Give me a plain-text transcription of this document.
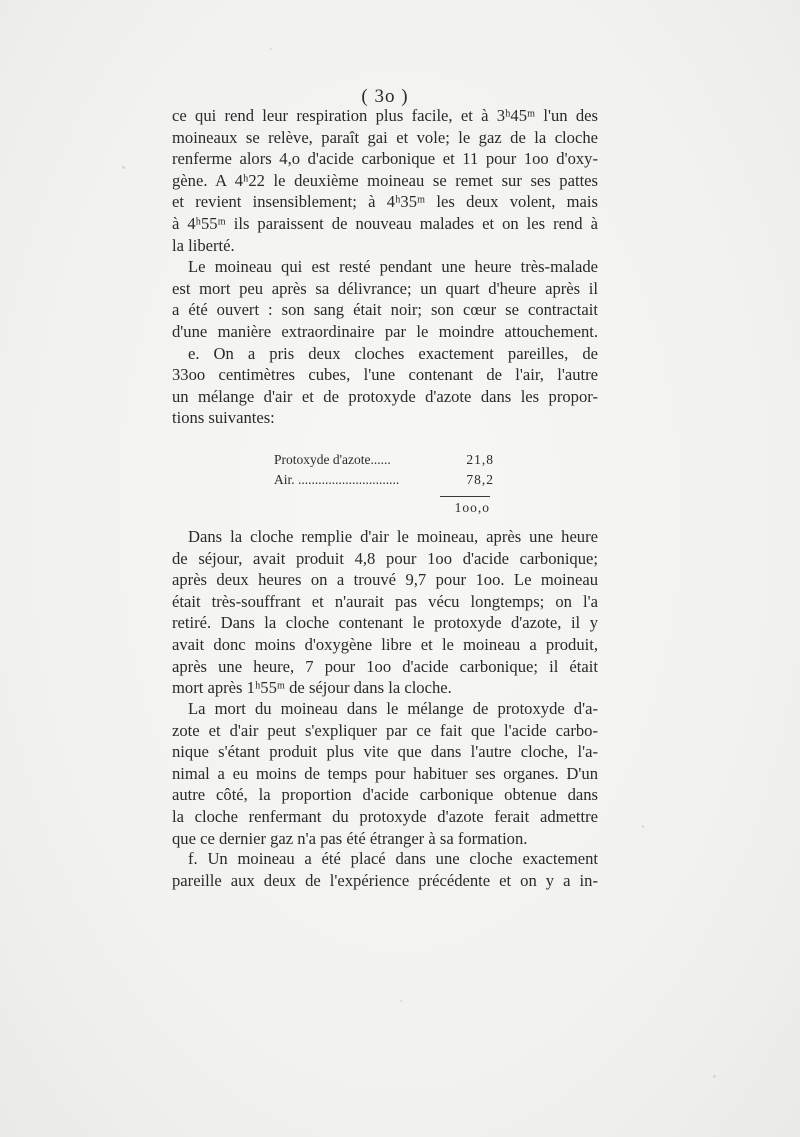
( 3o )
ce qui rend leur respiration plus facile, et à 3ʰ45ᵐ l'un des
moineaux se relève, paraît gai et vole; le gaz de la cloche
renferme alors 4,o d'acide carbonique et 11 pour 1oo d'oxy-
gène. A 4ʰ22 le deuxième moineau se remet sur ses pattes
et revient insensiblement; à 4ʰ35ᵐ les deux volent, mais
à 4ʰ55ᵐ ils paraissent de nouveau malades et on les rend à
la liberté.
Le moineau qui est resté pendant une heure très-malade
est mort peu après sa délivrance; un quart d'heure après il
a été ouvert : son sang était noir; son cœur se contractait
d'une manière extraordinaire par le moindre attouchement.
e. On a pris deux cloches exactement pareilles, de
33oo centimètres cubes, l'une contenant de l'air, l'autre
un mélange d'air et de protoxyde d'azote dans les propor-
tions suivantes:
Protoxyde d'azote......	21,8
Air. ..............................	78,2
1oo,o
Dans la cloche remplie d'air le moineau, après une heure
de séjour, avait produit 4,8 pour 1oo d'acide carbonique;
après deux heures on a trouvé 9,7 pour 1oo. Le moineau
était très-souffrant et n'aurait pas vécu longtemps; on l'a
retiré. Dans la cloche contenant le protoxyde d'azote, il y
avait donc moins d'oxygène libre et le moineau a produit,
après une heure, 7 pour 1oo d'acide carbonique; il était
mort après 1ʰ55ᵐ de séjour dans la cloche.
La mort du moineau dans le mélange de protoxyde d'a-
zote et d'air peut s'expliquer par ce fait que l'acide carbo-
nique s'étant produit plus vite que dans l'autre cloche, l'a-
nimal a eu moins de temps pour habituer ses organes. D'un
autre côté, la proportion d'acide carbonique obtenue dans
la cloche renfermant du protoxyde d'azote ferait admettre
que ce dernier gaz n'a pas été étranger à sa formation.
f. Un moineau a été placé dans une cloche exactement
pareille aux deux de l'expérience précédente et on y a in-
